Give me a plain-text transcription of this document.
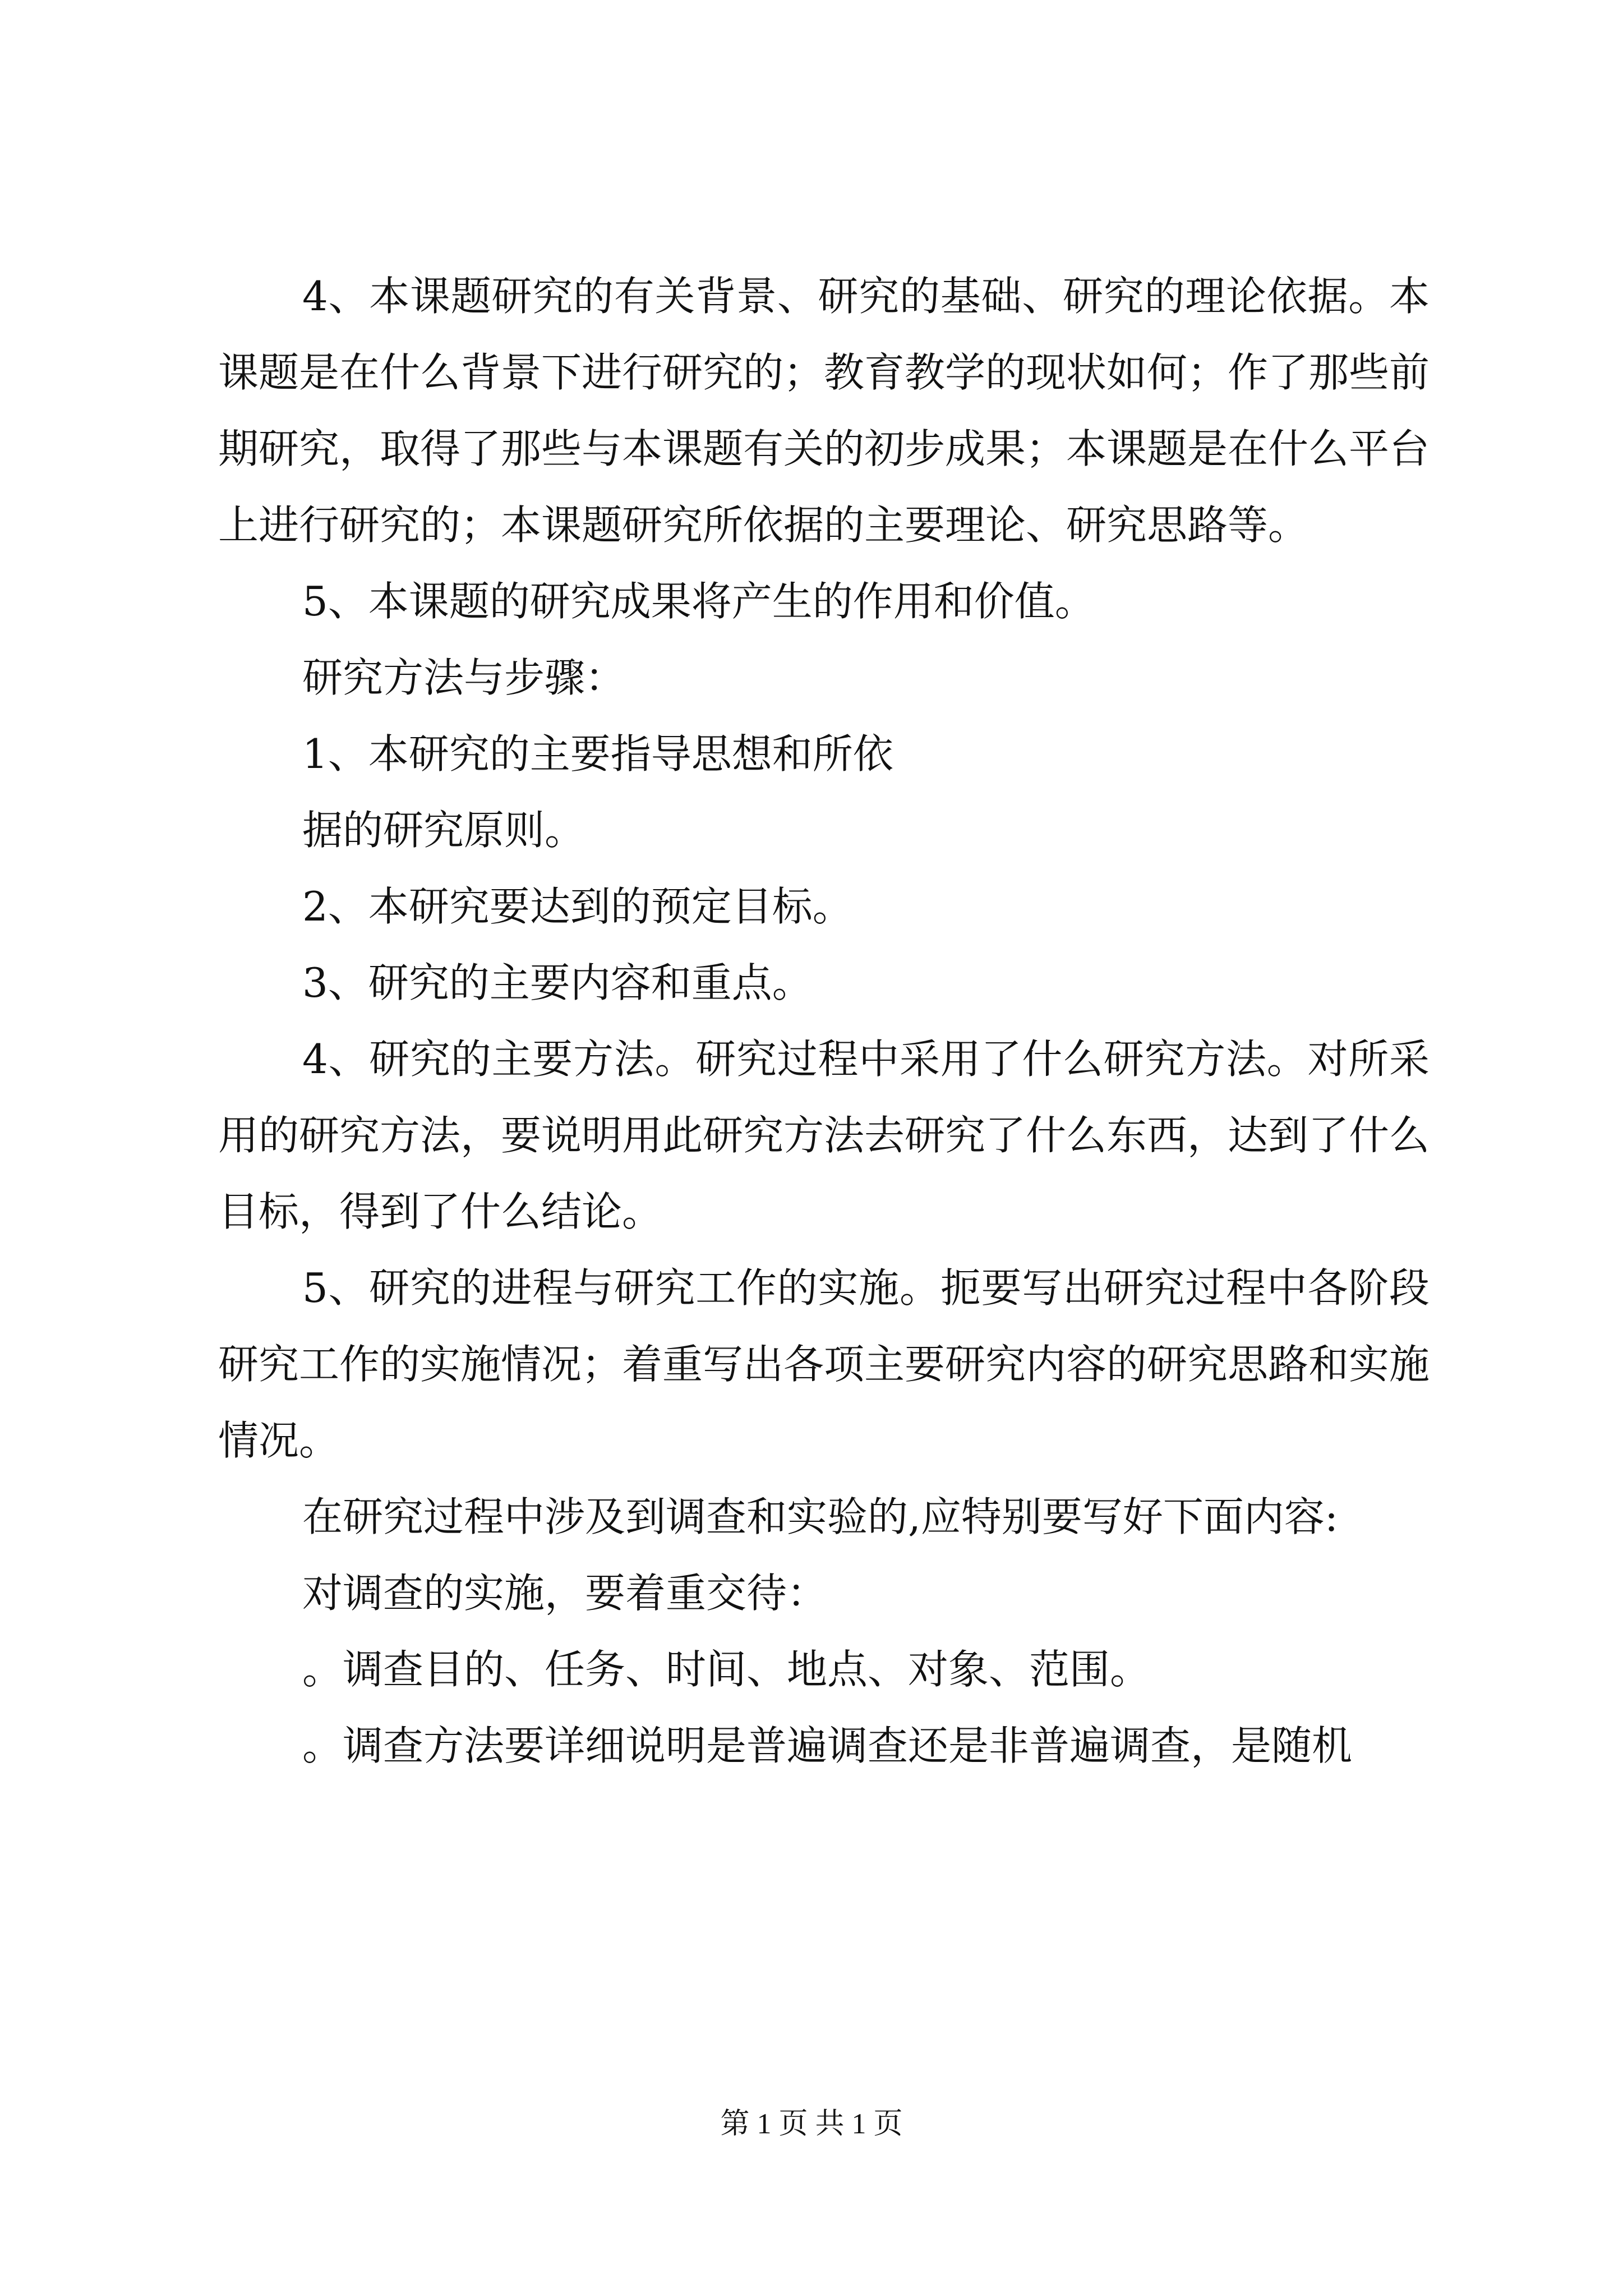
4、本课题研究的有关背景、研究的基础、研究的理论依据。本课题是在什么背景下进行研究的；教育教学的现状如何；作了那些前期研究，取得了那些与本课题有关的初步成果；本课题是在什么平台上进行研究的；本课题研究所依据的主要理论、研究思路等。

5、本课题的研究成果将产生的作用和价值。

研究方法与步骤：

1、本研究的主要指导思想和所依

据的研究原则。

2、本研究要达到的预定目标。

3、研究的主要内容和重点。

4、研究的主要方法。研究过程中采用了什么研究方法。对所采用的研究方法，要说明用此研究方法去研究了什么东西，达到了什么目标，得到了什么结论。

5、研究的进程与研究工作的实施。扼要写出研究过程中各阶段研究工作的实施情况；着重写出各项主要研究内容的研究思路和实施情况。

在研究过程中涉及到调查和实验的,应特别要写好下面内容:

对调查的实施，要着重交待：

。调查目的、任务、时间、地点、对象、范围。

。调查方法要详细说明是普遍调查还是非普遍调查，是随机

第 1 页 共 1 页
